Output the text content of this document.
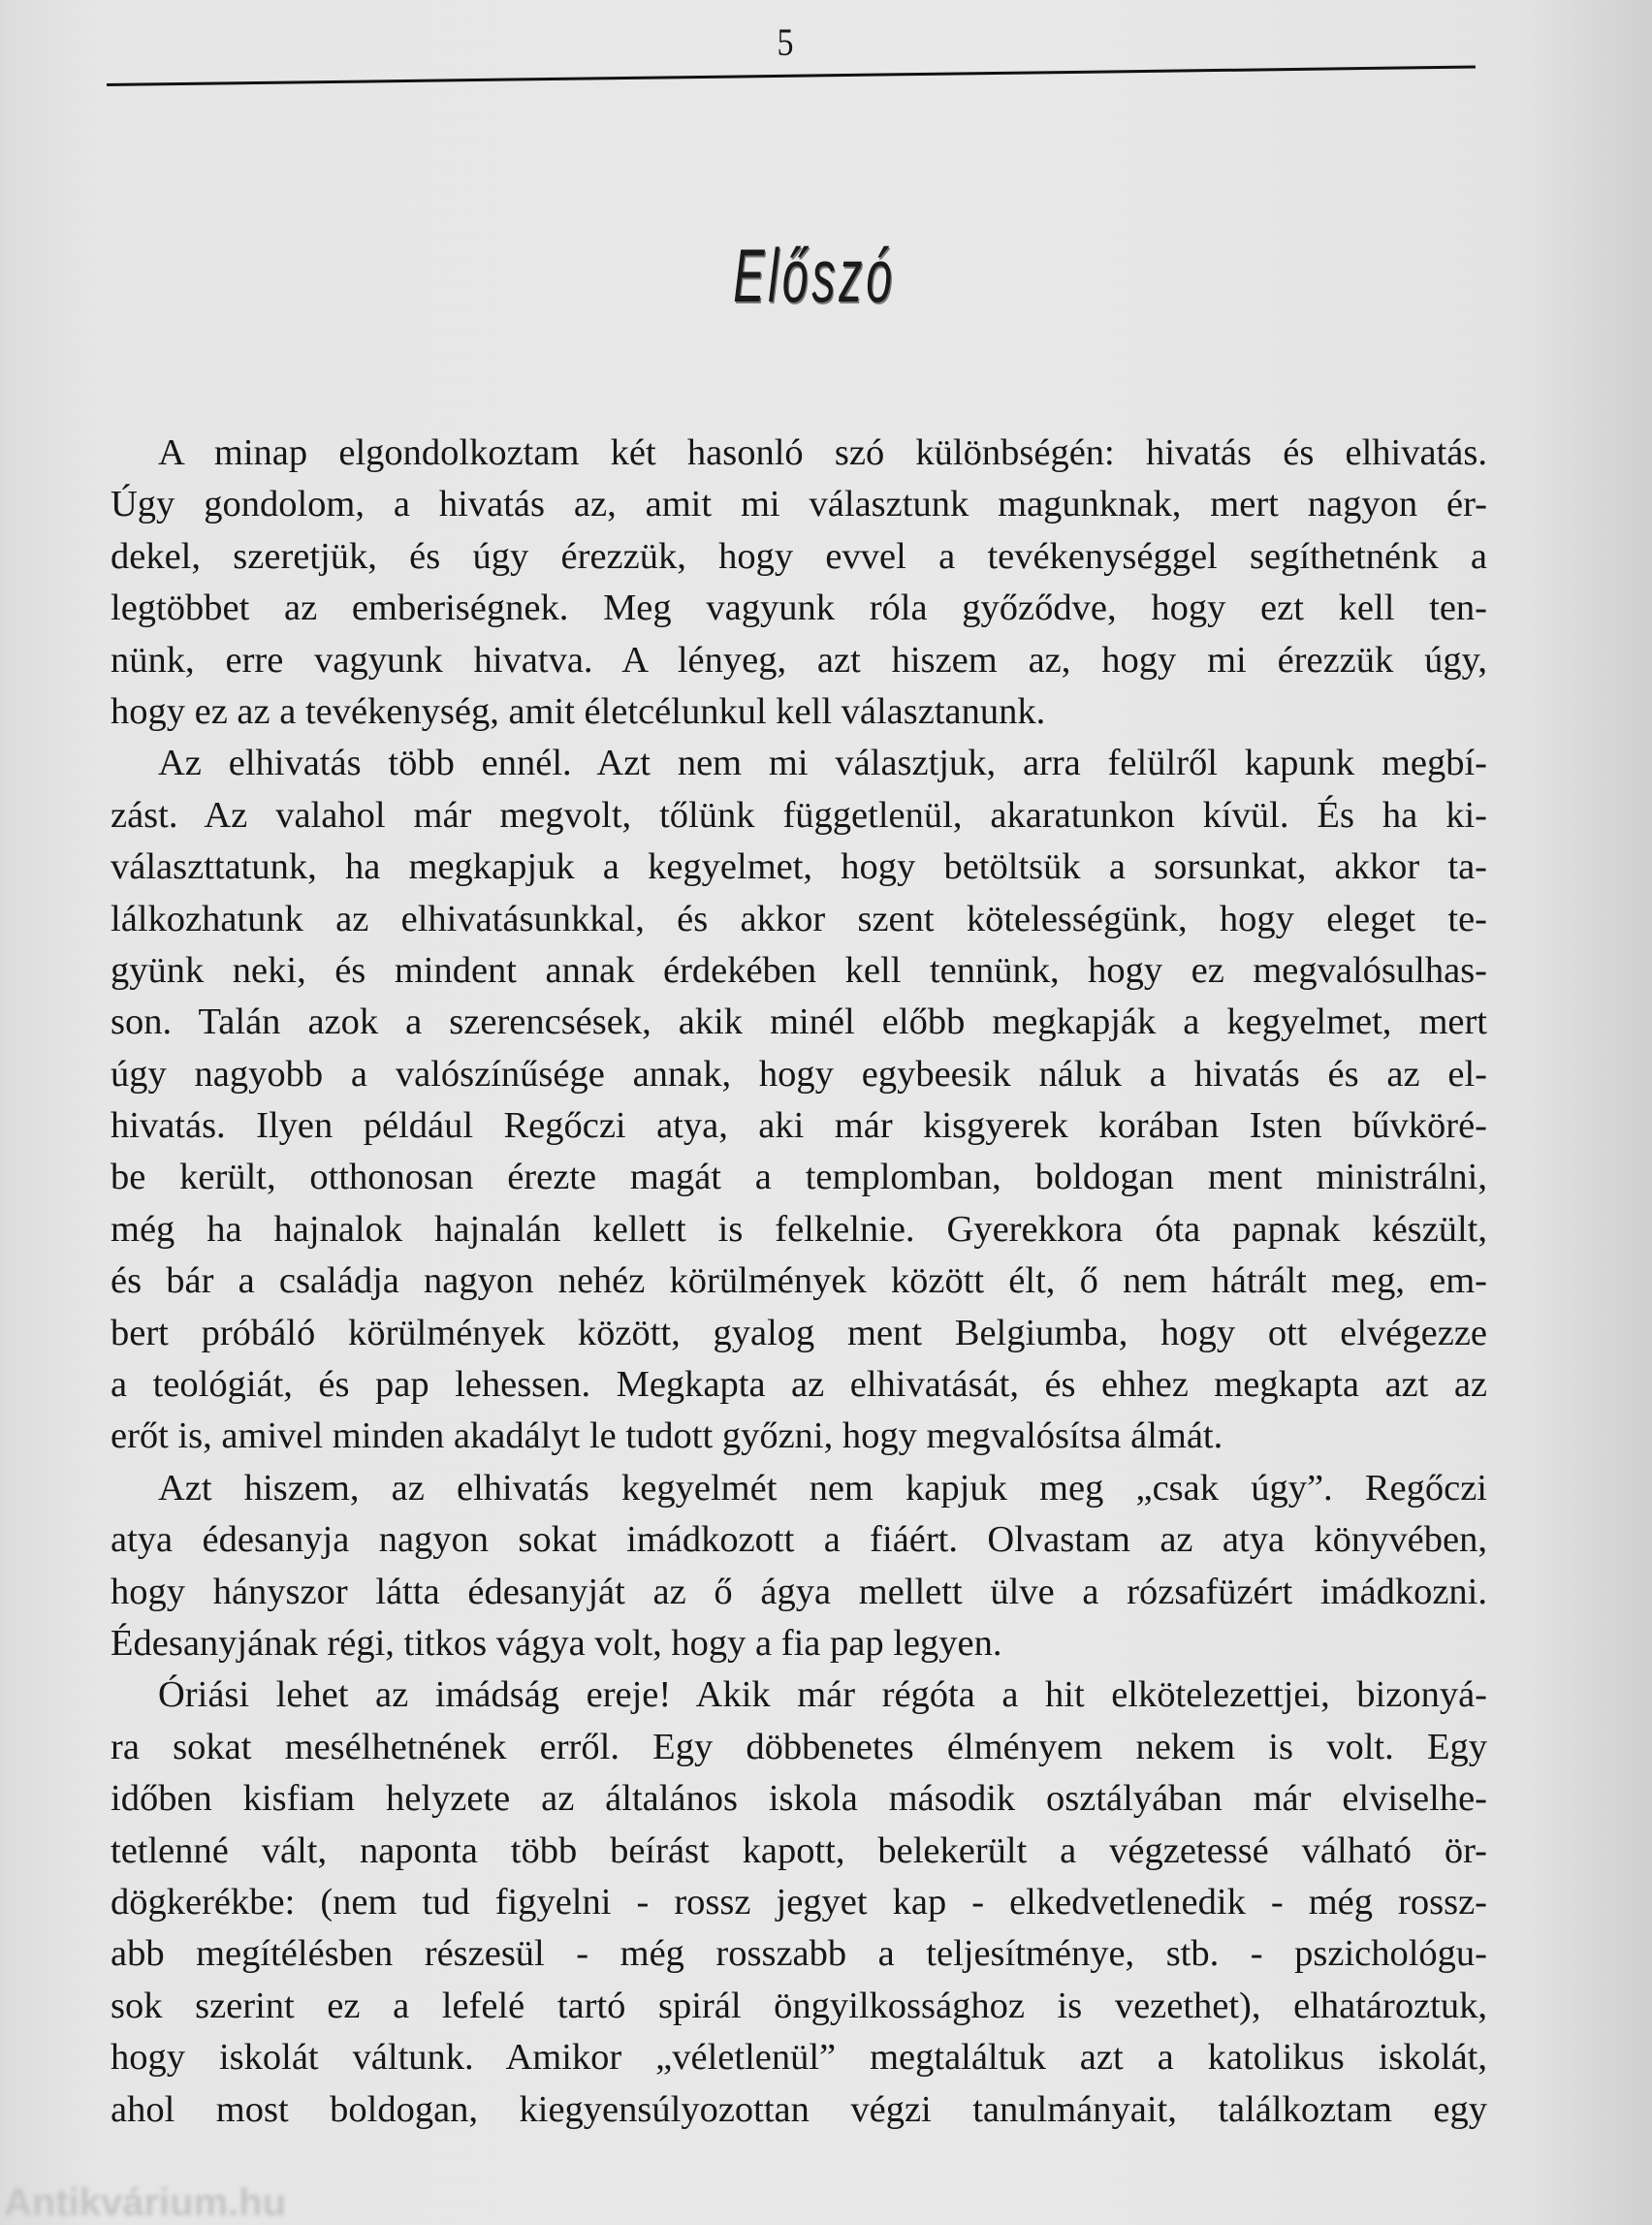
5
Előszó
A minap elgondolkoztam két hasonló szó különbségén: hivatás és elhivatás.
Úgy gondolom, a hivatás az, amit mi választunk magunknak, mert nagyon ér-
dekel, szeretjük, és úgy érezzük, hogy evvel a tevékenységgel segíthetnénk a
legtöbbet az emberiségnek. Meg vagyunk róla győződve, hogy ezt kell ten-
nünk, erre vagyunk hivatva. A lényeg, azt hiszem az, hogy mi érezzük úgy,
hogy ez az a tevékenység, amit életcélunkul kell választanunk.
Az elhivatás több ennél. Azt nem mi választjuk, arra felülről kapunk megbí-
zást. Az valahol már megvolt, tőlünk függetlenül, akaratunkon kívül. És ha ki-
választtatunk, ha megkapjuk a kegyelmet, hogy betöltsük a sorsunkat, akkor ta-
lálkozhatunk az elhivatásunkkal, és akkor szent kötelességünk, hogy eleget te-
gyünk neki, és mindent annak érdekében kell tennünk, hogy ez megvalósulhas-
son. Talán azok a szerencsések, akik minél előbb megkapják a kegyelmet, mert
úgy nagyobb a valószínűsége annak, hogy egybeesik náluk a hivatás és az el-
hivatás. Ilyen például Regőczi atya, aki már kisgyerek korában Isten bűvköré-
be került, otthonosan érezte magát a templomban, boldogan ment ministrálni,
még ha hajnalok hajnalán kellett is felkelnie. Gyerekkora óta papnak készült,
és bár a családja nagyon nehéz körülmények között élt, ő nem hátrált meg, em-
bert próbáló körülmények között, gyalog ment Belgiumba, hogy ott elvégezze
a teológiát, és pap lehessen. Megkapta az elhivatását, és ehhez megkapta azt az
erőt is, amivel minden akadályt le tudott győzni, hogy megvalósítsa álmát.
Azt hiszem, az elhivatás kegyelmét nem kapjuk meg „csak úgy”. Regőczi
atya édesanyja nagyon sokat imádkozott a fiáért. Olvastam az atya könyvében,
hogy hányszor látta édesanyját az ő ágya mellett ülve a rózsafüzért imádkozni.
Édesanyjának régi, titkos vágya volt, hogy a fia pap legyen.
Óriási lehet az imádság ereje! Akik már régóta a hit elkötelezettjei, bizonyá-
ra sokat mesélhetnének erről. Egy döbbenetes élményem nekem is volt. Egy
időben kisfiam helyzete az általános iskola második osztályában már elviselhe-
tetlenné vált, naponta több beírást kapott, belekerült a végzetessé válható ör-
dögkerékbe: (nem tud figyelni - rossz jegyet kap - elkedvetlenedik - még rossz-
abb megítélésben részesül - még rosszabb a teljesítménye, stb. - pszichológu-
sok szerint ez a lefelé tartó spirál öngyilkossághoz is vezethet), elhatároztuk,
hogy iskolát váltunk. Amikor „véletlenül” megtaláltuk azt a katolikus iskolát,
ahol most boldogan, kiegyensúlyozottan végzi tanulmányait, találkoztam egy
Antikvárium.hu
